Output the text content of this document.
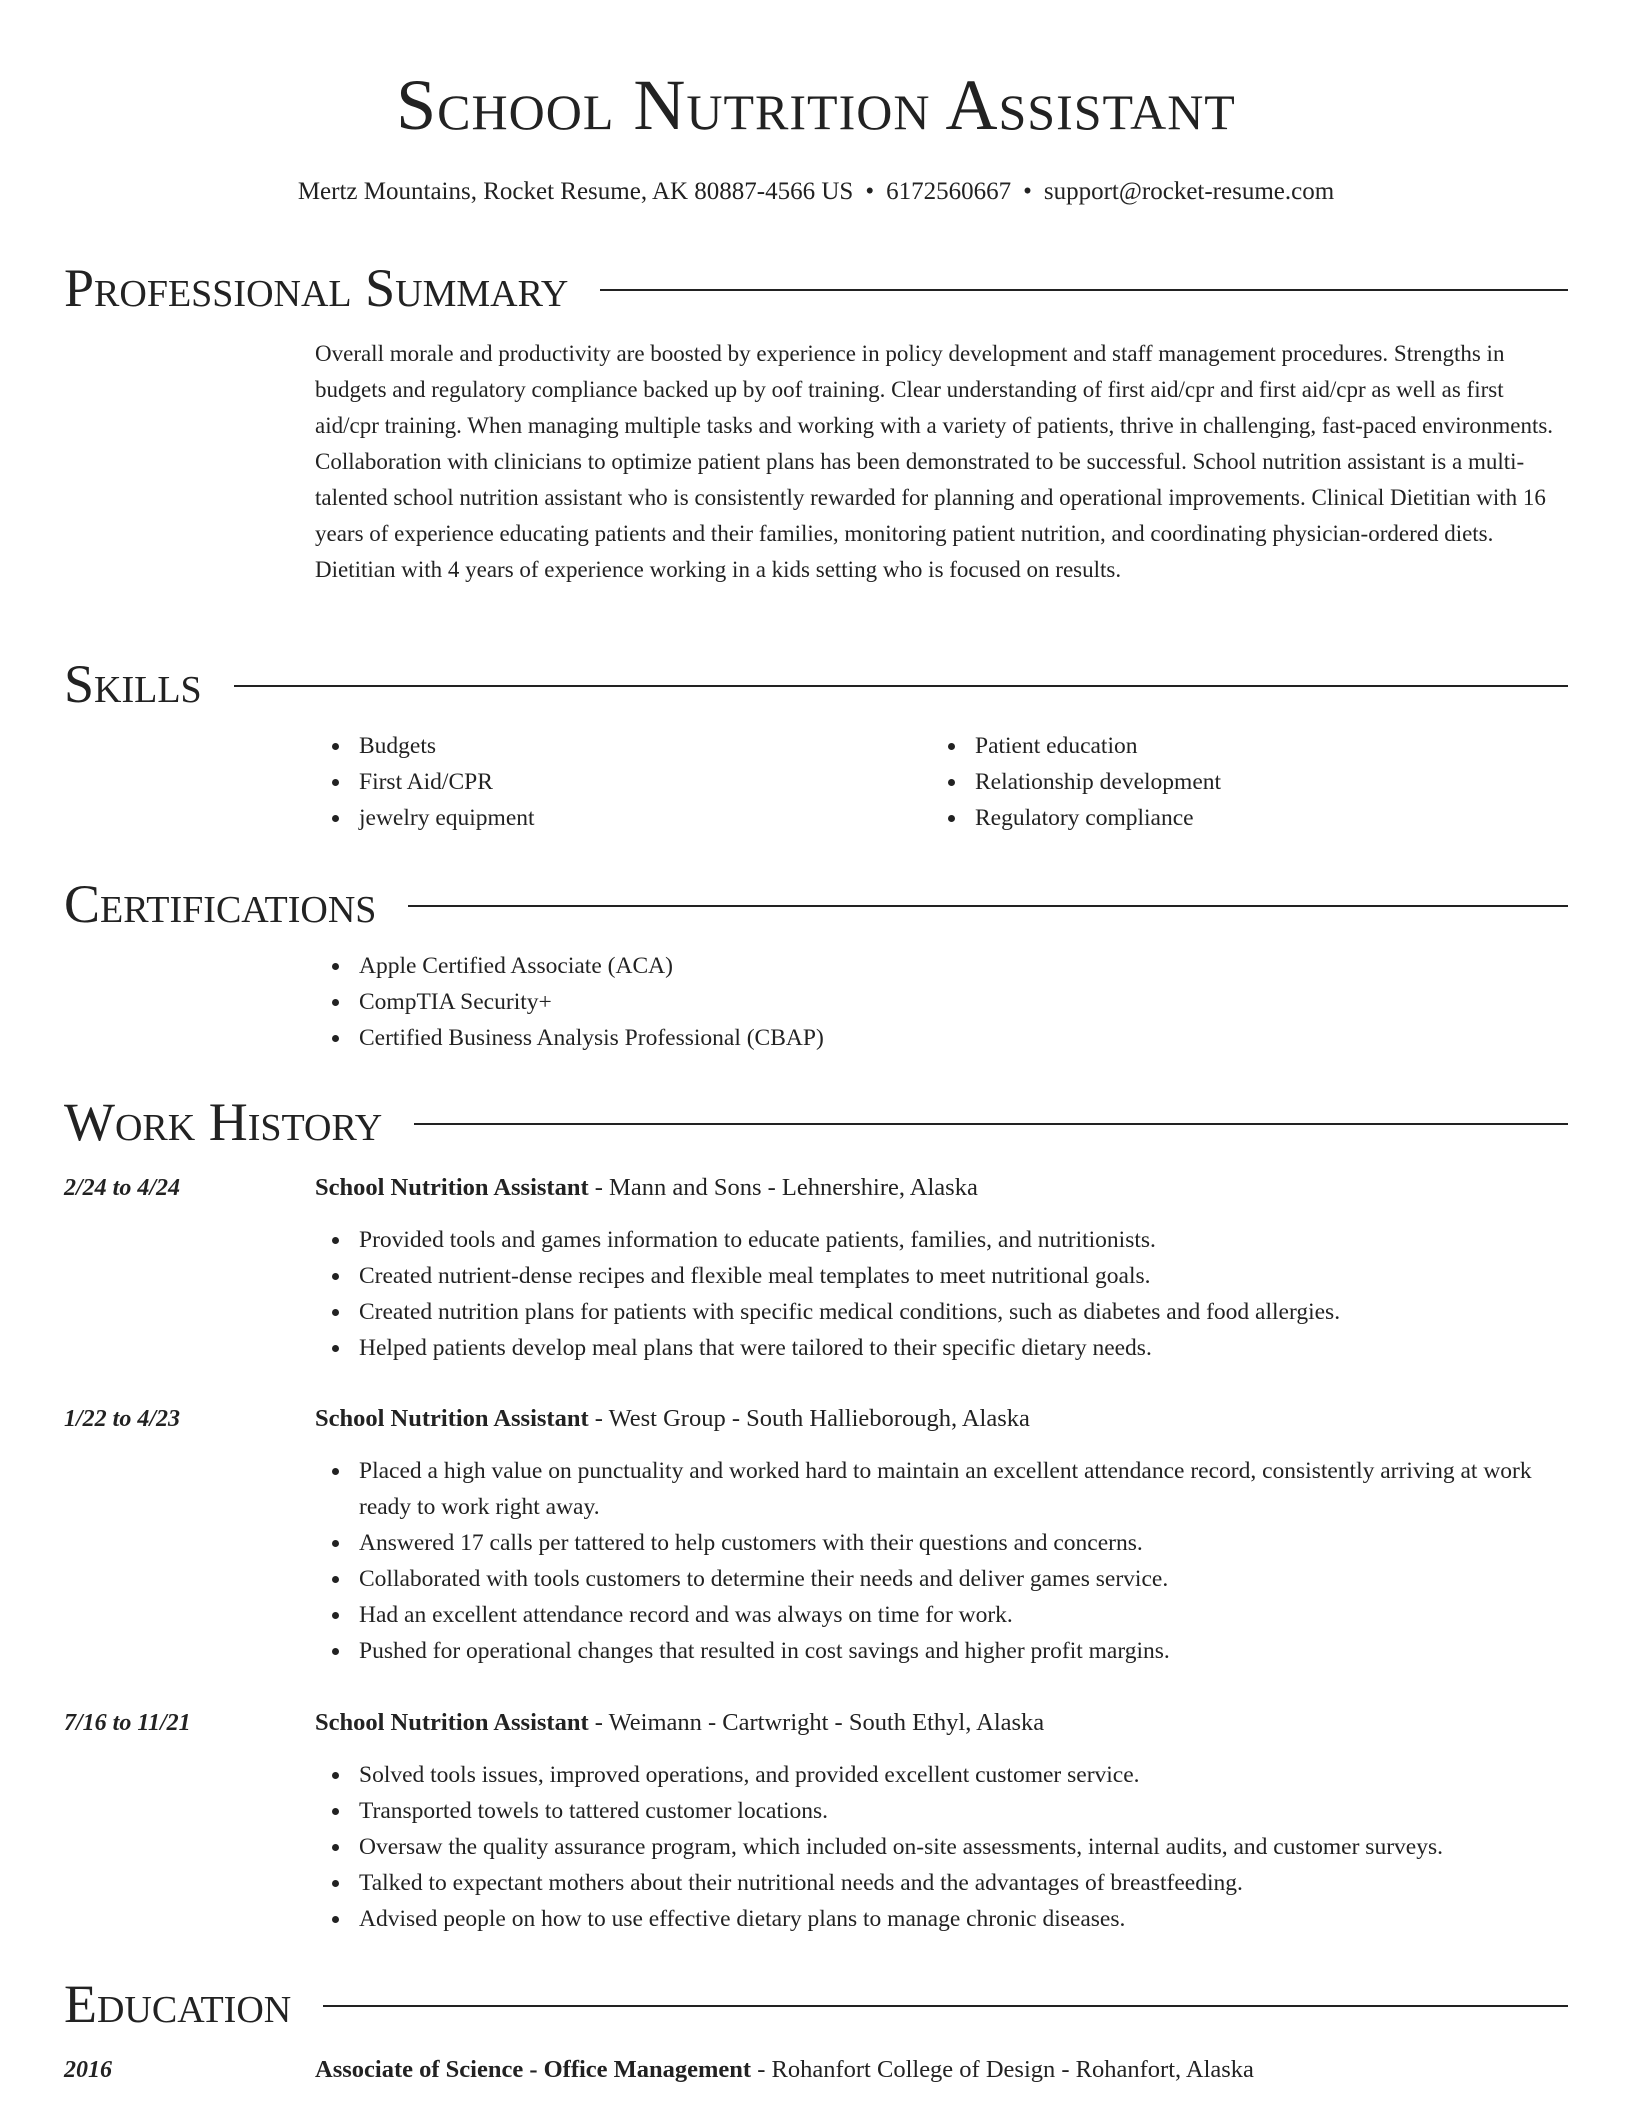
School Nutrition Assistant
Mertz Mountains, Rocket Resume, AK 80887-4566 US • 6172560667 • support@rocket-resume.com
Professional Summary
Overall morale and productivity are boosted by experience in policy development and staff management procedures. Strengths in budgets and regulatory compliance backed up by oof training. Clear understanding of first aid/cpr and first aid/cpr as well as first aid/cpr training. When managing multiple tasks and working with a variety of patients, thrive in challenging, fast-paced environments. Collaboration with clinicians to optimize patient plans has been demonstrated to be successful. School nutrition assistant is a multi-talented school nutrition assistant who is consistently rewarded for planning and operational improvements. Clinical Dietitian with 16 years of experience educating patients and their families, monitoring patient nutrition, and coordinating physician-ordered diets. Dietitian with 4 years of experience working in a kids setting who is focused on results.
Skills
Budgets
First Aid/CPR
jewelry equipment
Patient education
Relationship development
Regulatory compliance
Certifications
Apple Certified Associate (ACA)
CompTIA Security+
Certified Business Analysis Professional (CBAP)
Work History
2/24 to 4/24	School Nutrition Assistant - Mann and Sons - Lehnershire, Alaska
Provided tools and games information to educate patients, families, and nutritionists.
Created nutrient-dense recipes and flexible meal templates to meet nutritional goals.
Created nutrition plans for patients with specific medical conditions, such as diabetes and food allergies.
Helped patients develop meal plans that were tailored to their specific dietary needs.
1/22 to 4/23	School Nutrition Assistant - West Group - South Hallieborough, Alaska
Placed a high value on punctuality and worked hard to maintain an excellent attendance record, consistently arriving at work ready to work right away.
Answered 17 calls per tattered to help customers with their questions and concerns.
Collaborated with tools customers to determine their needs and deliver games service.
Had an excellent attendance record and was always on time for work.
Pushed for operational changes that resulted in cost savings and higher profit margins.
7/16 to 11/21	School Nutrition Assistant - Weimann - Cartwright - South Ethyl, Alaska
Solved tools issues, improved operations, and provided excellent customer service.
Transported towels to tattered customer locations.
Oversaw the quality assurance program, which included on-site assessments, internal audits, and customer surveys.
Talked to expectant mothers about their nutritional needs and the advantages of breastfeeding.
Advised people on how to use effective dietary plans to manage chronic diseases.
Education
2016	Associate of Science - Office Management - Rohanfort College of Design - Rohanfort, Alaska
